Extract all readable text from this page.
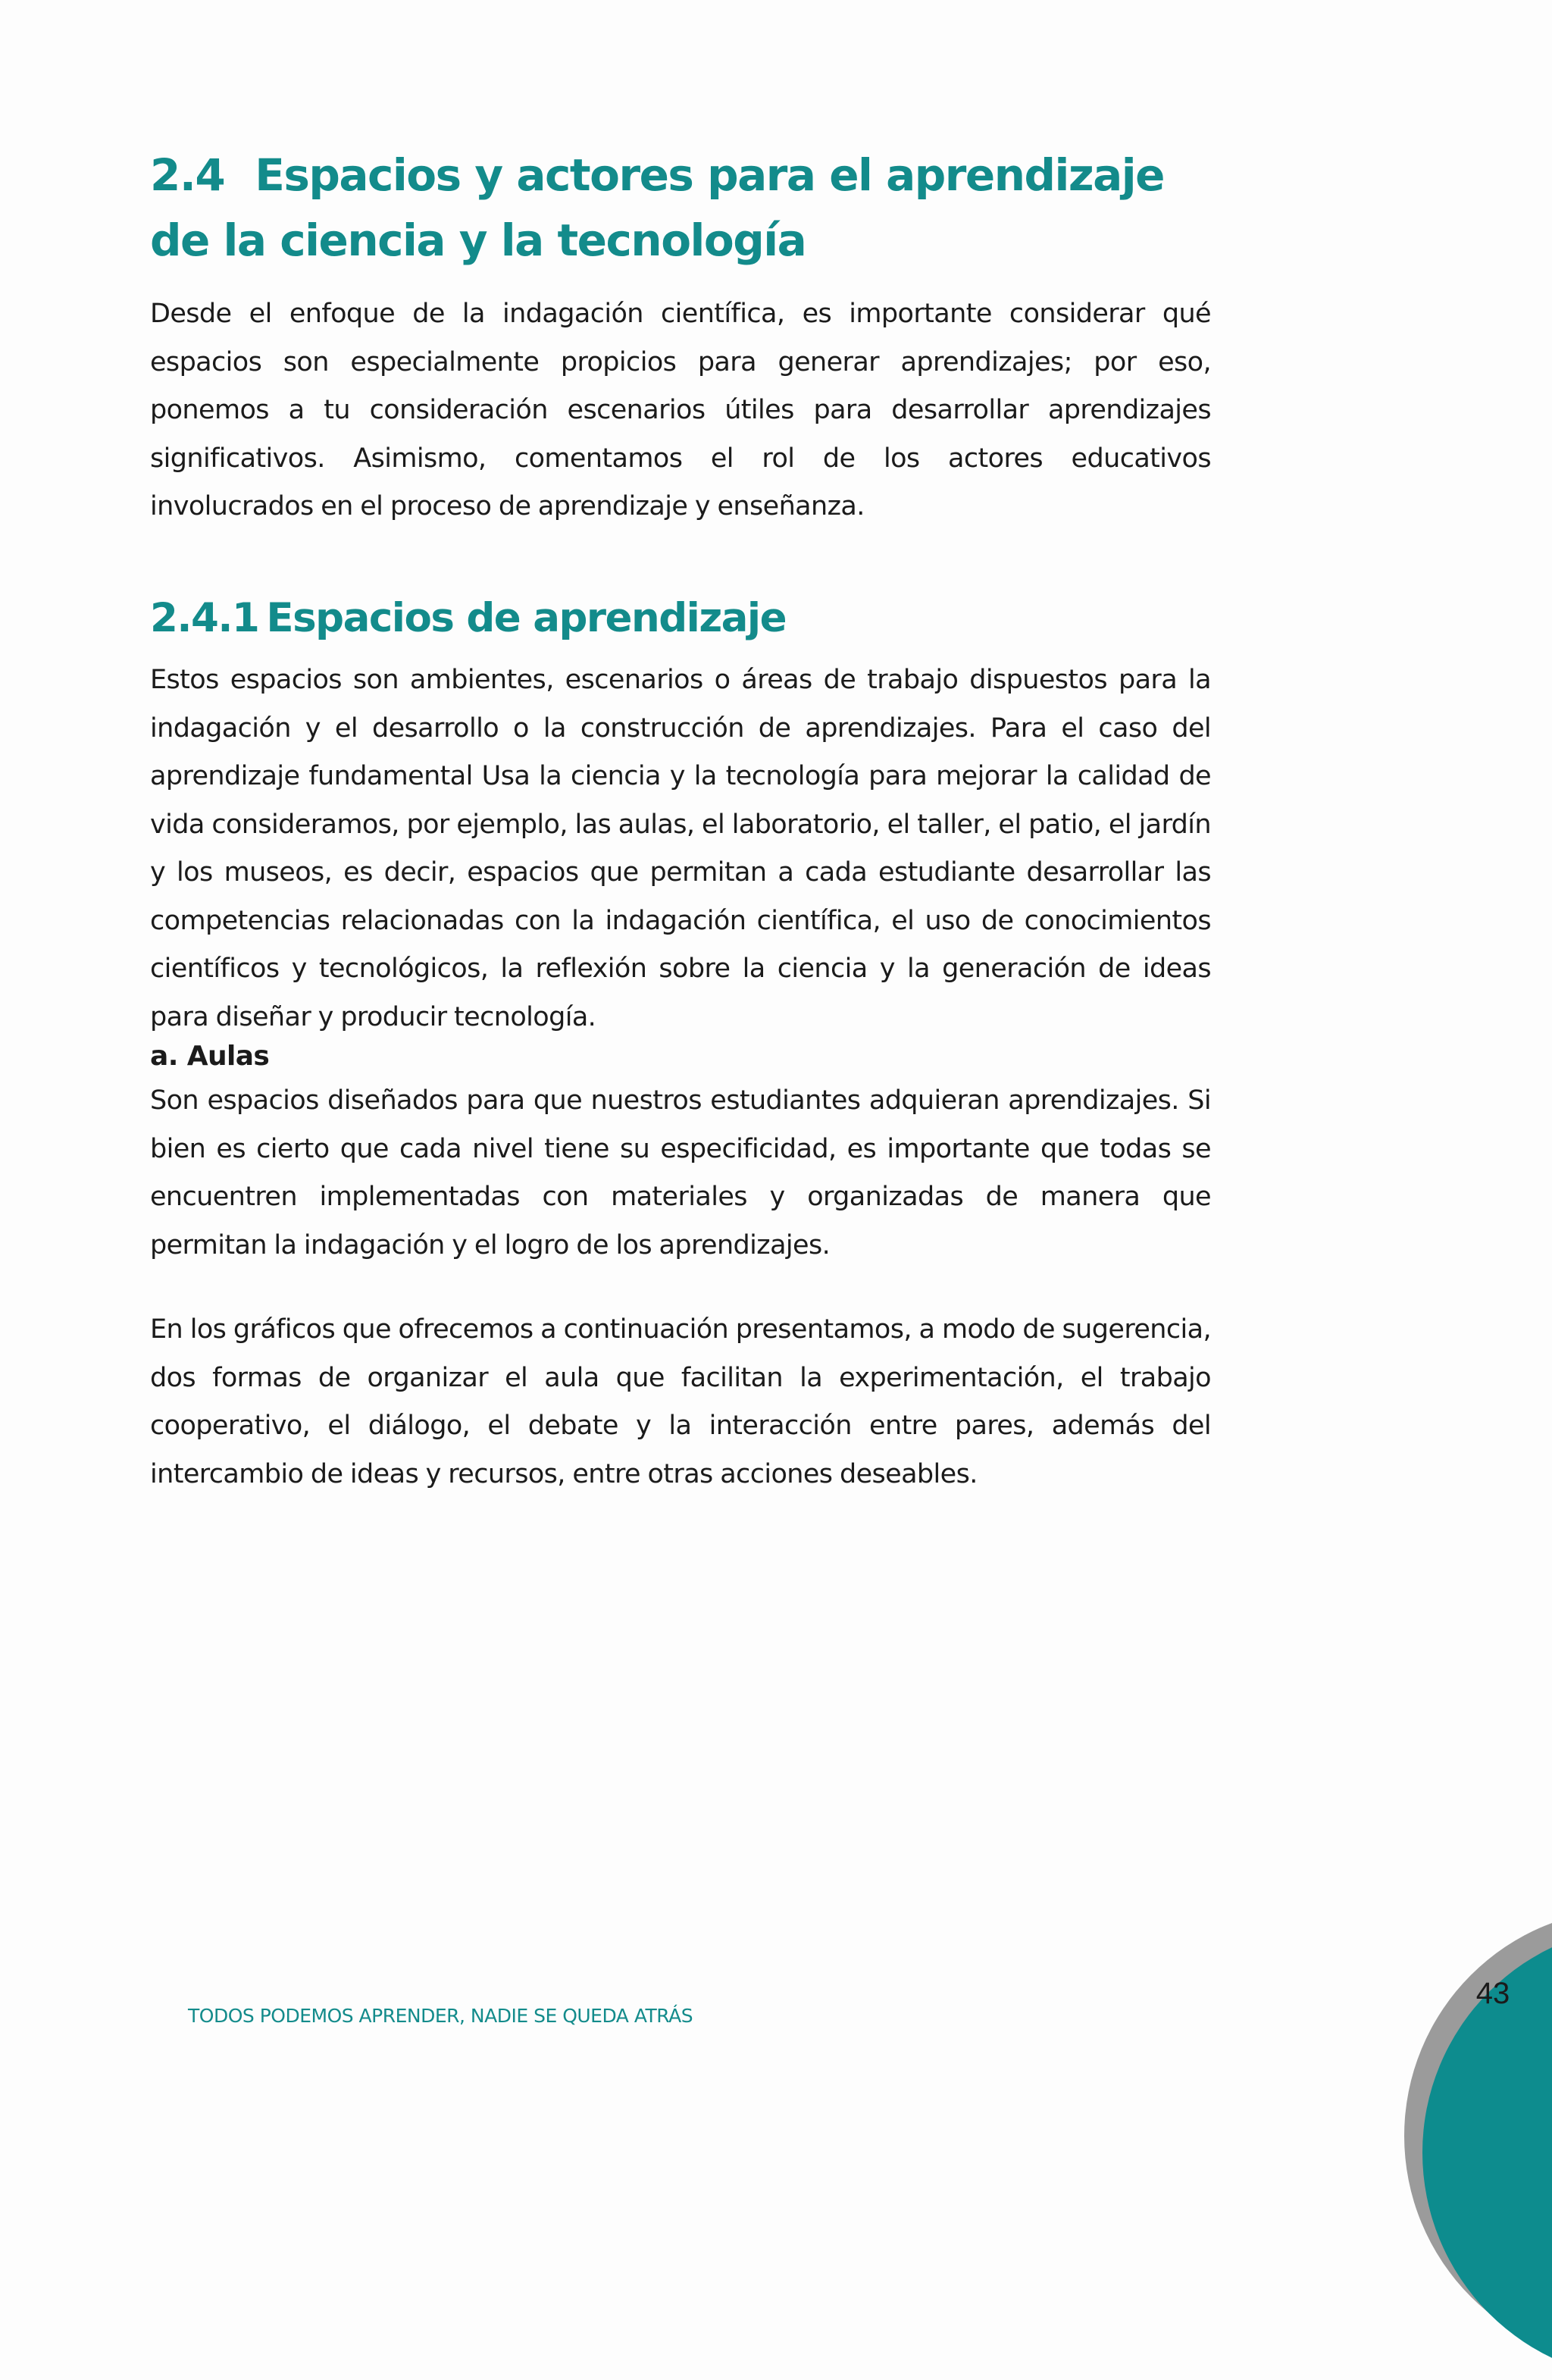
2.4 Espacios y actores para el aprendizaje de la ciencia y la tecnología

Desde el enfoque de la indagación científica, es importante considerar qué espacios son especialmente propicios para generar aprendizajes; por eso, ponemos a tu consideración escenarios útiles para desarrollar aprendizajes significativos. Asimismo, comentamos el rol de los actores educativos involucrados en el proceso de aprendizaje y enseñanza.

2.4.1 Espacios de aprendizaje

Estos espacios son ambientes, escenarios o áreas de trabajo dispuestos para la indagación y el desarrollo o la construcción de aprendizajes. Para el caso del aprendizaje fundamental Usa la ciencia y la tecnología para mejorar la calidad de vida consideramos, por ejemplo, las aulas, el laboratorio, el taller, el patio, el jardín y los museos, es decir, espacios que permitan a cada estudiante desarrollar las competencias relacionadas con la indagación científica, el uso de conocimientos científicos y tecnológicos, la reflexión sobre la ciencia y la generación de ideas para diseñar y producir tecnología.

a. Aulas

Son espacios diseñados para que nuestros estudiantes adquieran aprendizajes. Si bien es cierto que cada nivel tiene su especificidad, es importante que todas se encuentren implementadas con materiales y organizadas de manera que permitan la indagación y el logro de los aprendizajes.

En los gráficos que ofrecemos a continuación presentamos, a modo de sugerencia, dos formas de organizar el aula que facilitan la experimentación, el trabajo cooperativo, el diálogo, el debate y la interacción entre pares, además del intercambio de ideas y recursos, entre otras acciones deseables.

TODOS PODEMOS APRENDER, NADIE SE QUEDA ATRÁS
43
